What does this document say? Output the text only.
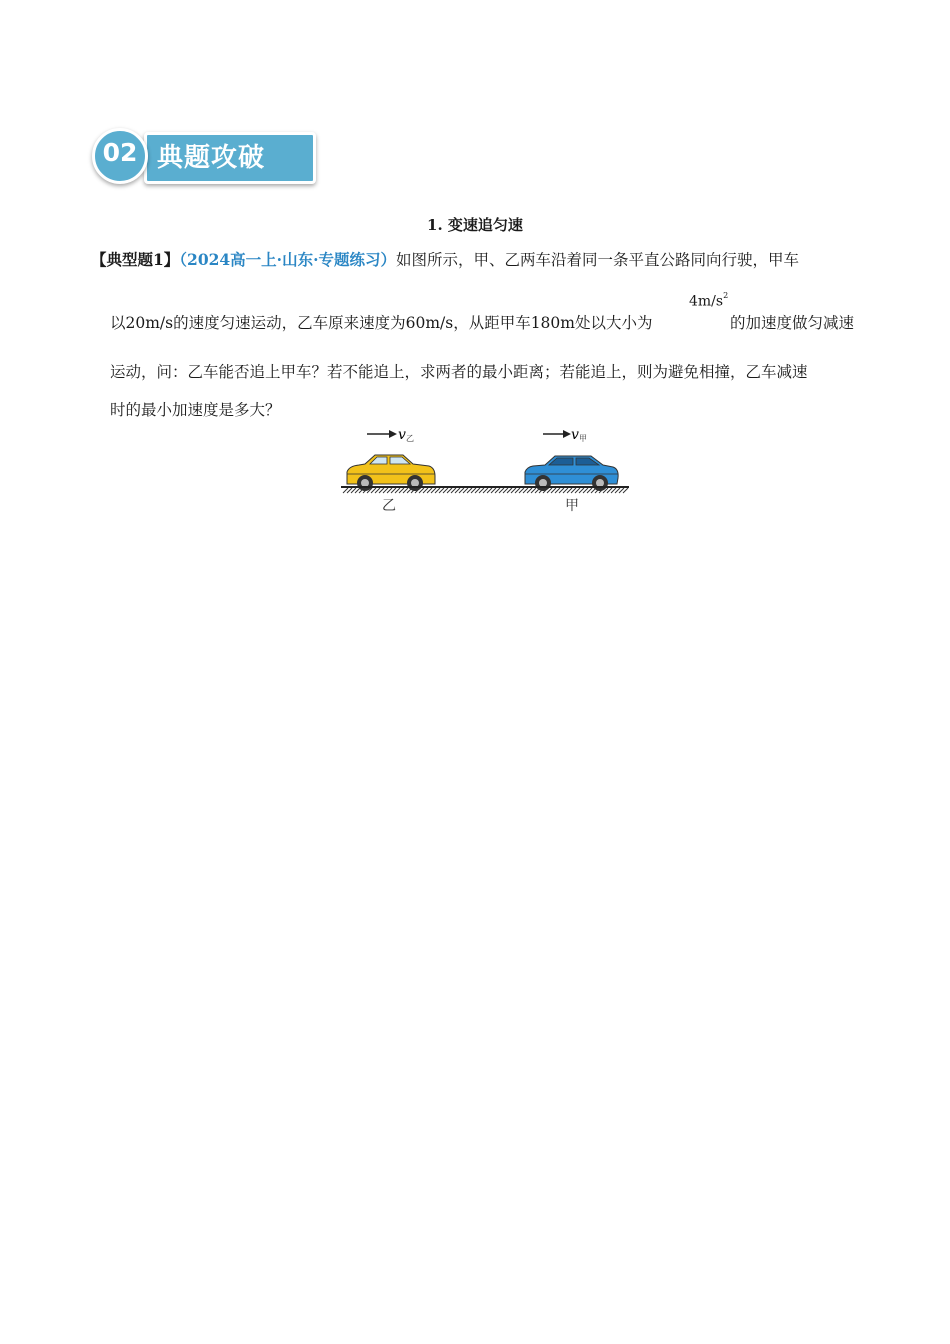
典题攻破
02
1. 变速追匀速
【典型题1】（2024高一上·山东·专题练习）如图所示，甲、乙两车沿着同一条平直公路同向行驶，甲车
以20m/s的速度匀速运动，乙车原来速度为60m/s，从距甲车180m处以大小为
$4m/s^2$
的加速度做匀减速
运动，问：乙车能否追上甲车？若不能追上，求两者的最小距离；若能追上，则为避免相撞，乙车减速
时的最小加速度是多大？
v 乙	v 甲
乙	甲
